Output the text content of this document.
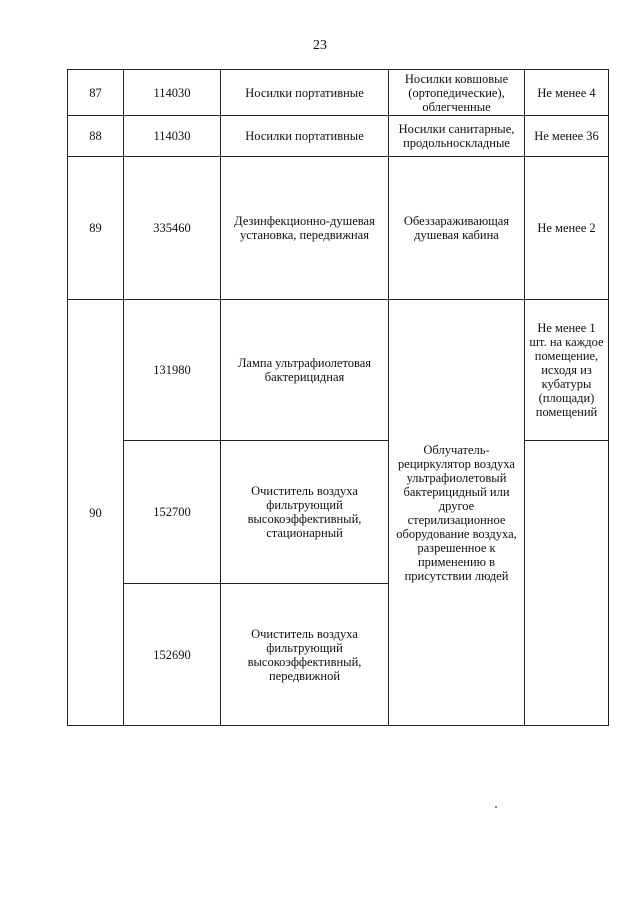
23
87	114030	Носилки портативные	Носилки ковшовые (ортопедические), облегченные	Не менее 4
88	114030	Носилки портативные	Носилки санитарные, продольноскладные	Не менее 36
89	335460	Дезинфекционно-душевая установка, передвижная	Обеззараживающая душевая кабина	Не менее 2
90	131980	Лампа ультрафиолетовая бактерицидная	Облучатель-рециркулятор воздуха ультрафиолетовый бактерицидный или другое стерилизационное оборудование воздуха, разрешенное к применению в присутствии людей	Не менее 1 шт. на каждое помещение, исходя из кубатуры (площади) помещений
	152700	Очиститель воздуха фильтрующий высокоэффективный, стационарный		
	152690	Очиститель воздуха фильтрующий высокоэффективный, передвижной		
